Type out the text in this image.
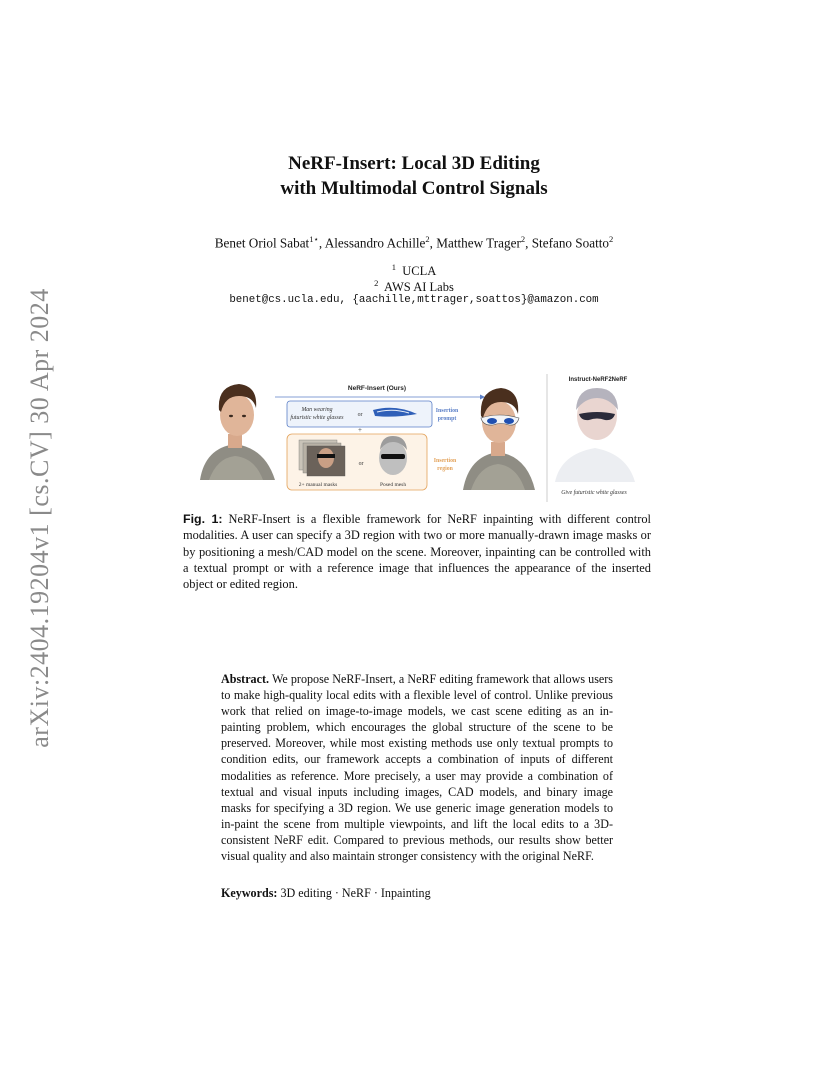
arXiv:2404.19204v1 [cs.CV] 30 Apr 2024
NeRF-Insert: Local 3D Editing
with Multimodal Control Signals
Benet Oriol Sabat$^{1⋆}$, Alessandro Achille$^2$, Matthew Trager$^2$, Stefano Soatto$^2$
$^1$ UCLA
$^2$ AWS AI Labs
benet@cs.ucla.edu, {aachille,mttrager,soattos}@amazon.com
NeRF-Insert (Ours)
Man wearing
futuristic white glasses or
Insertion
prompt
+
or	Insertion
region
2+ manual masks	Posed mesh
Instruct-NeRF2NeRF
Give futuristic white glasses
Fig. 1: NeRF-Insert is a flexible framework for NeRF inpainting with different control modalities. A user can specify a 3D region with two or more manually-drawn image masks or by positioning a mesh/CAD model on the scene. Moreover, inpainting can be controlled with a textual prompt or with a reference image that influences the appearance of the inserted object or edited region.
Abstract. We propose NeRF-Insert, a NeRF editing framework that allows users to make high-quality local edits with a flexible level of control. Unlike previous work that relied on image-to-image models, we cast scene editing as an in-painting problem, which encourages the global structure of the scene to be preserved. Moreover, while most existing methods use only textual prompts to condition edits, our framework accepts a combination of inputs of different modalities as reference. More precisely, a user may provide a combination of textual and visual inputs including images, CAD models, and binary image masks for specifying a 3D region. We use generic image generation models to in-paint the scene from multiple viewpoints, and lift the local edits to a 3D-consistent NeRF edit. Compared to previous methods, our results show better visual quality and also maintain stronger consistency with the original NeRF.
Keywords: 3D editing · NeRF · Inpainting
